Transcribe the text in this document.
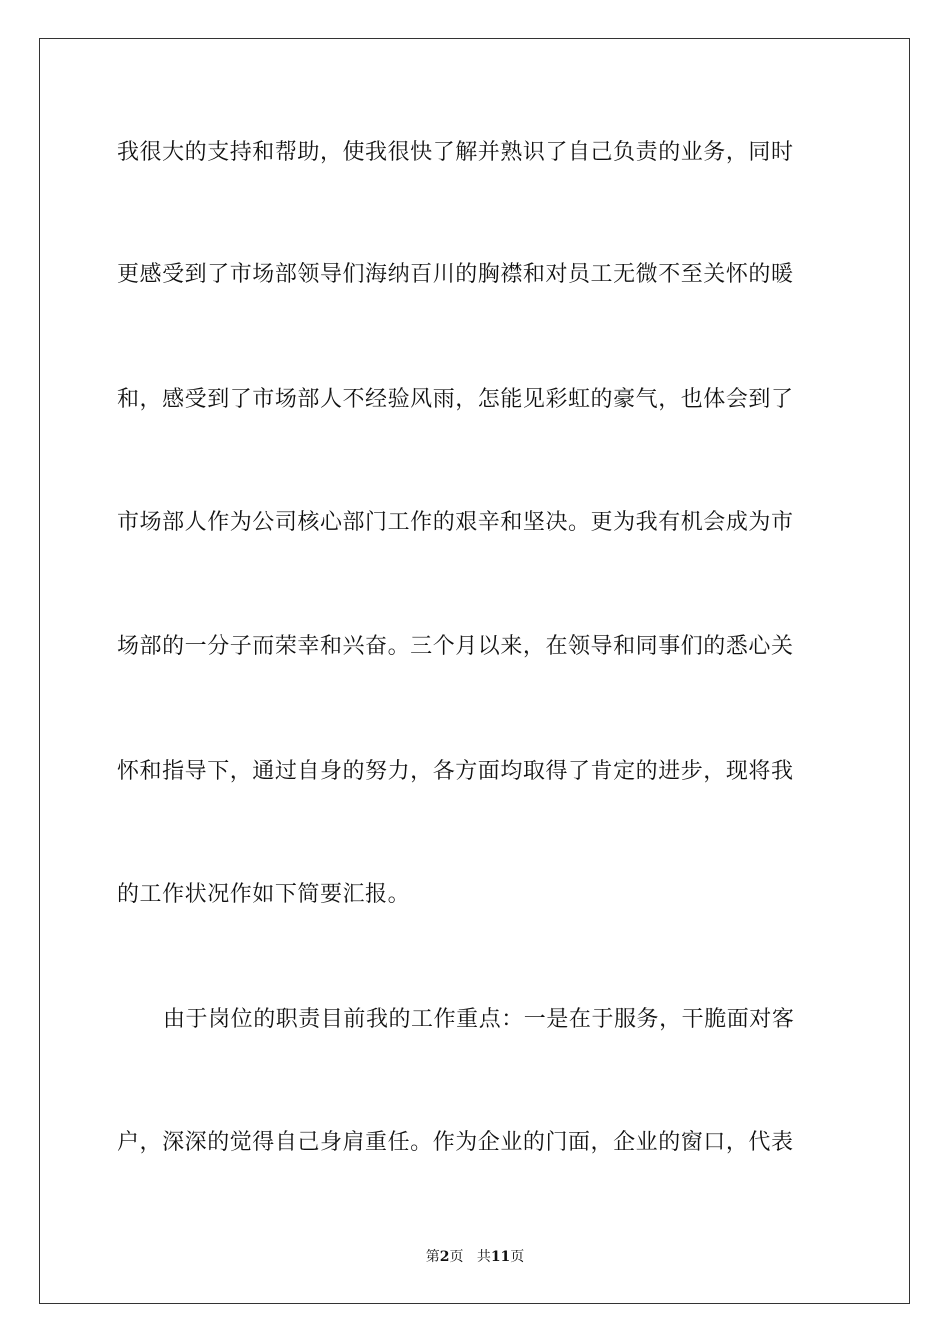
我很大的支持和帮助，使我很快了解并熟识了自己负责的业务，同时
更感受到了市场部领导们海纳百川的胸襟和对员工无微不至关怀的暖
和，感受到了市场部人不经验风雨，怎能见彩虹的豪气，也体会到了
市场部人作为公司核心部门工作的艰辛和坚决。更为我有机会成为市
场部的一分子而荣幸和兴奋。三个月以来，在领导和同事们的悉心关
怀和指导下，通过自身的努力，各方面均取得了肯定的进步，现将我
的工作状况作如下简要汇报。
由于岗位的职责目前我的工作重点：一是在于服务，干脆面对客
户，深深的觉得自己身肩重任。作为企业的门面，企业的窗口，代表
第2页 共11页
